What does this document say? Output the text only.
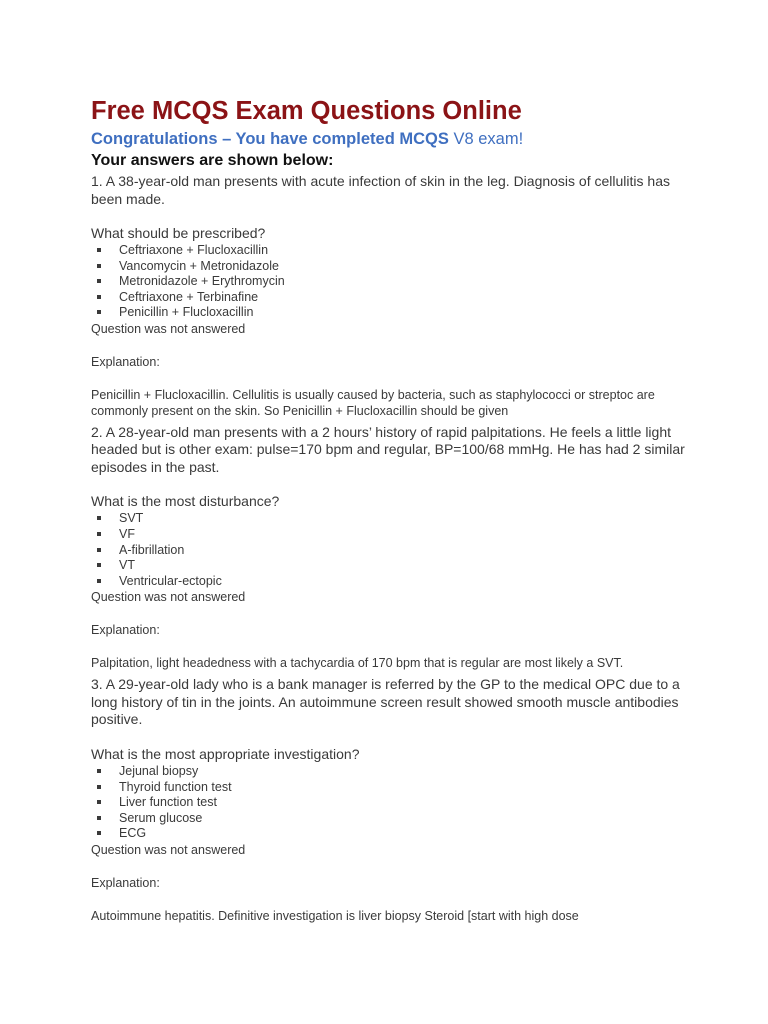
Free MCQS Exam Questions Online
Congratulations – You have completed MCQS V8 exam!
Your answers are shown below:
1. A 38-year-old man presents with acute infection of skin in the leg. Diagnosis of cellulitis has been made.
What should be prescribed?
Ceftriaxone + Flucloxacillin
Vancomycin + Metronidazole
Metronidazole + Erythromycin
Ceftriaxone + Terbinafine
Penicillin + Flucloxacillin
Question was not answered
Explanation:
Penicillin + Flucloxacillin. Cellulitis is usually caused by bacteria, such as staphylococci or streptoc are commonly present on the skin. So Penicillin + Flucloxacillin should be given
2. A 28-year-old man presents with a 2 hours’ history of rapid palpitations. He feels a little light headed but is other exam: pulse=170 bpm and regular, BP=100/68 mmHg. He has had 2 similar episodes in the past.
What is the most disturbance?
SVT
VF
A-fibrillation
VT
Ventricular-ectopic
Question was not answered
Explanation:
Palpitation, light headedness with a tachycardia of 170 bpm that is regular are most likely a SVT.
3. A 29-year-old lady who is a bank manager is referred by the GP to the medical OPC due to a long history of tin in the joints. An autoimmune screen result showed smooth muscle antibodies positive.
What is the most appropriate investigation?
Jejunal biopsy
Thyroid function test
Liver function test
Serum glucose
ECG
Question was not answered
Explanation:
Autoimmune hepatitis. Definitive investigation is liver biopsy Steroid [start with high dose
